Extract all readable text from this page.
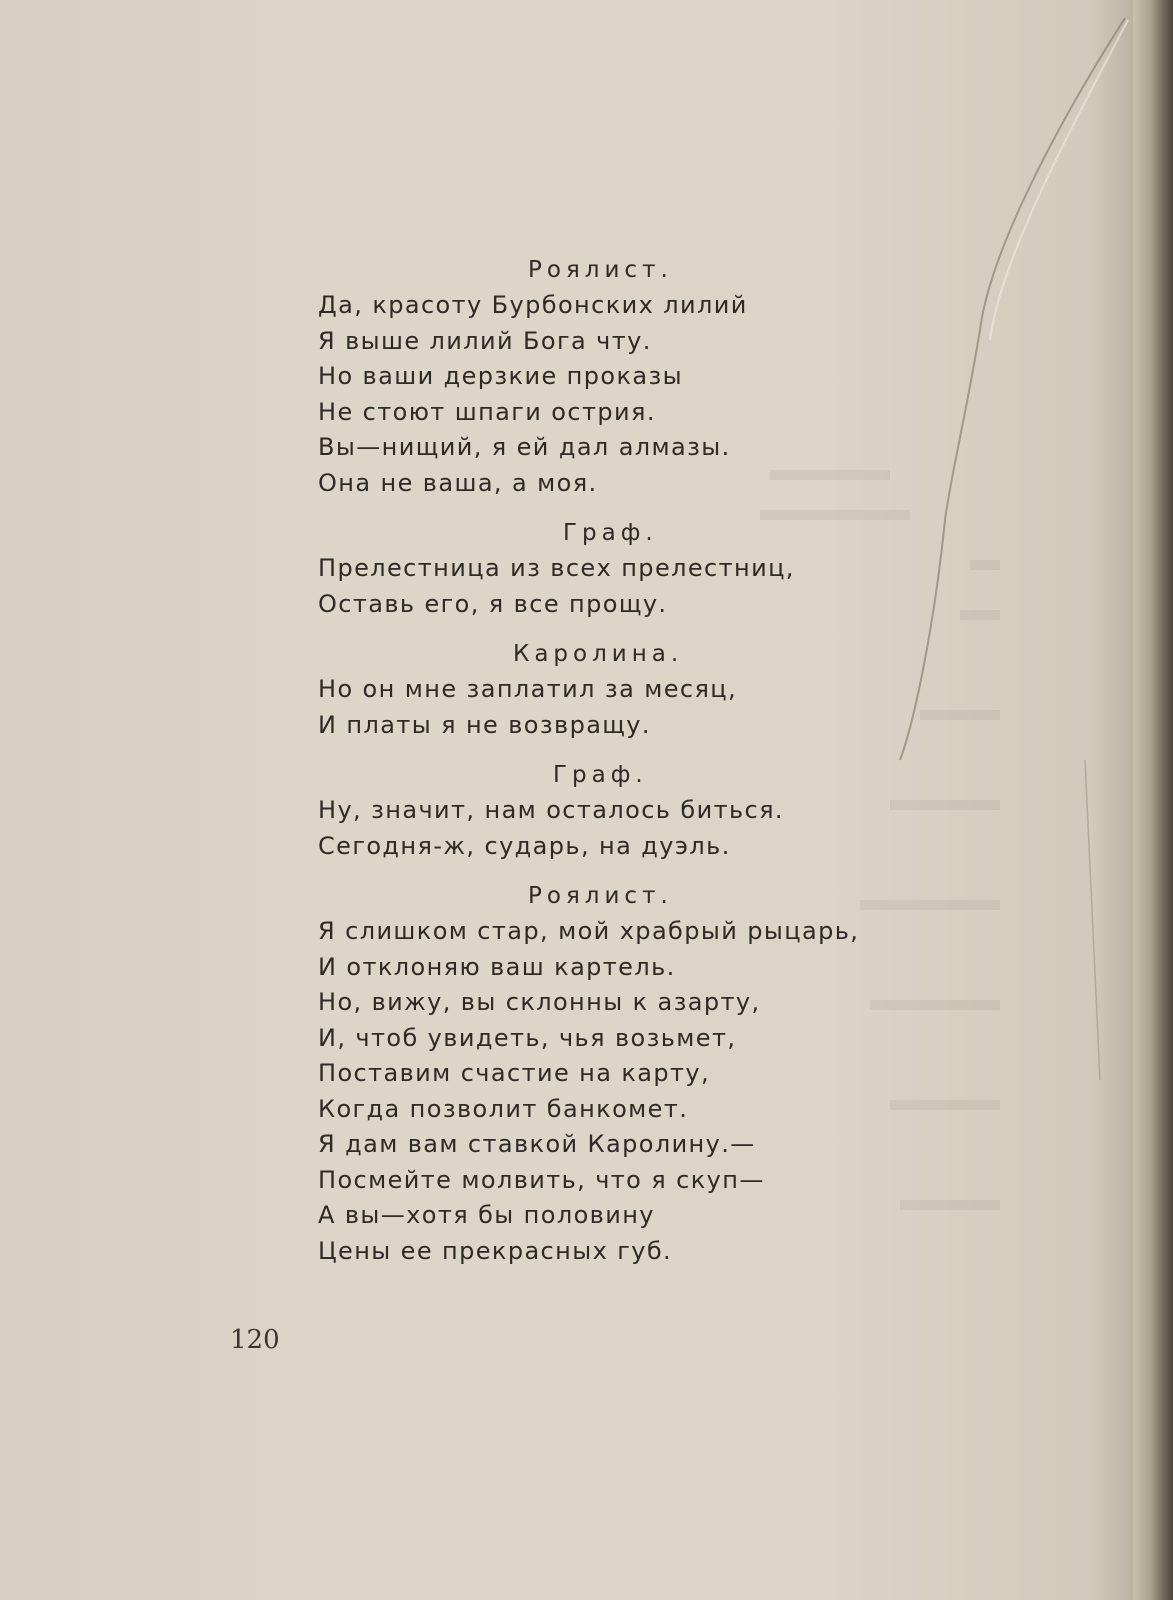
Роялист.
Да, красоту Бурбонских лилий
Я выше лилий Бога чту.
Но ваши дерзкие проказы
Не стоют шпаги острия.
Вы—нищий, я ей дал алмазы.
Она не ваша, а моя.
Граф.
Прелестница из всех прелестниц,
Оставь его, я все прощу.
Каролина.
Но он мне заплатил за месяц,
И платы я не возвращу.
Граф.
Ну, значит, нам осталось биться.
Сегодня-ж, сударь, на дуэль.
Роялист.
Я слишком стар, мой храбрый рыцарь,
И отклоняю ваш картель.
Но, вижу, вы склонны к азарту,
И, чтоб увидеть, чья возьмет,
Поставим счастие на карту,
Когда позволит банкомет.
Я дам вам ставкой Каролину.—
Посмейте молвить, что я скуп—
А вы—хотя бы половину
Цены ее прекрасных губ.
120
